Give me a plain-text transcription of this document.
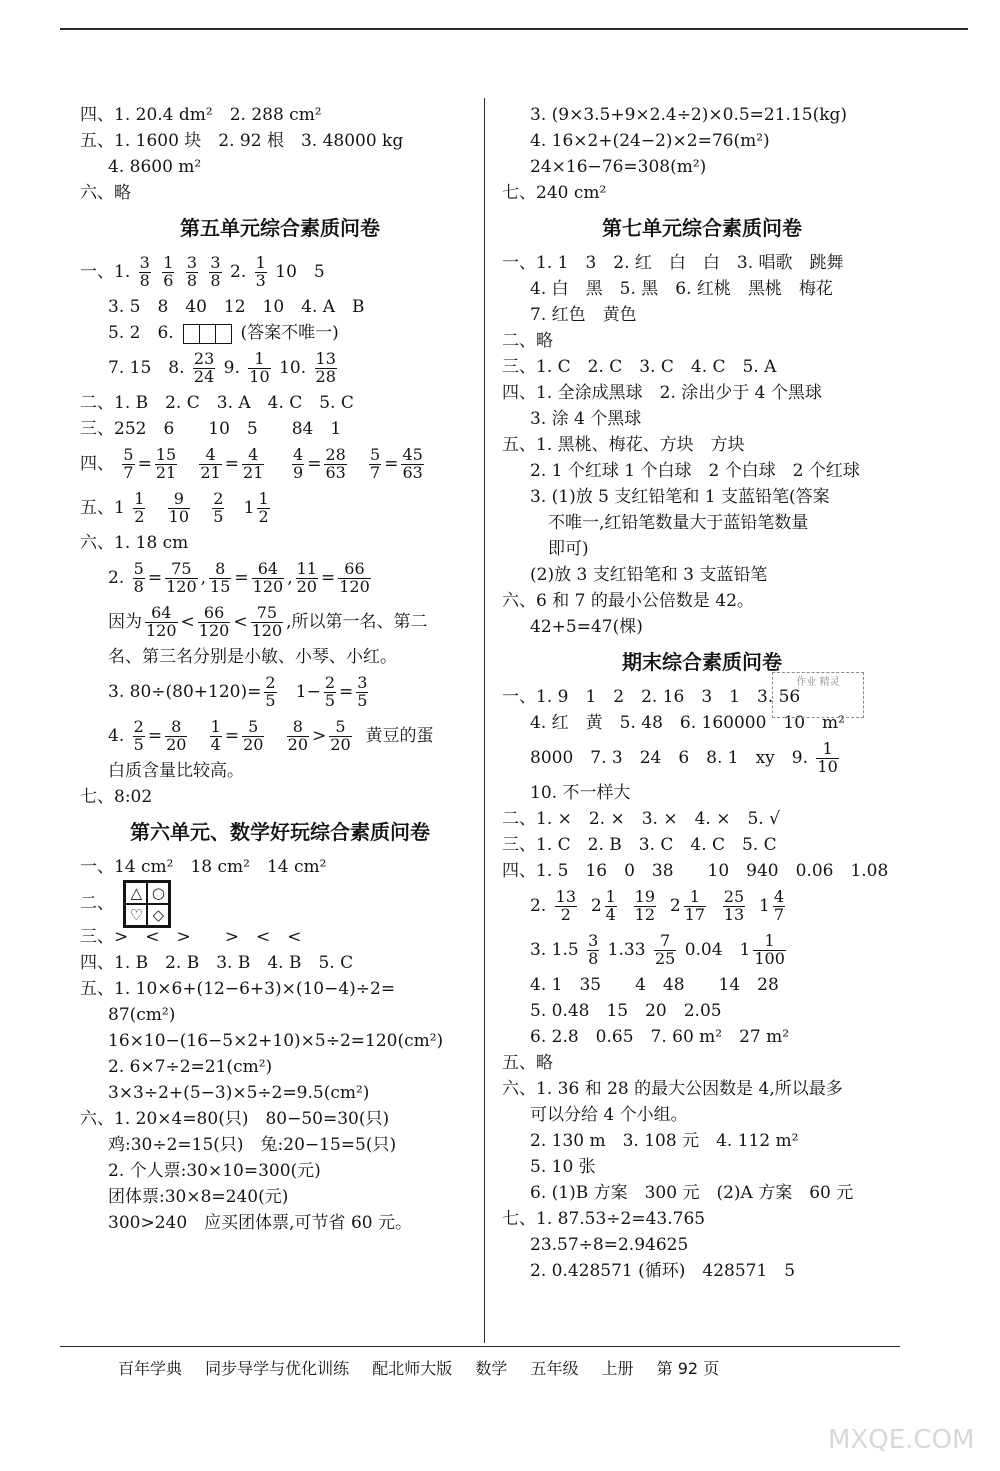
四、1. 20.4 dm²　2. 288 cm²
五、1. 1600 块　2. 92 根　3. 48000 kg
4. 8600 m²
六、略
第五单元综合素质问卷
一、1. $\frac{3}{8}$
$\frac{1}{6}$
$\frac{3}{8}$
$\frac{3}{8} 2$. $\frac{1}{3} 10$　5
3. 5　8　40　12　10　4. A　B
5. 2　6.	(答案不唯一)
7. 15　8. $\frac{23}{24} 9$. $\frac{1}{10} 10$. $\frac{13}{28}$
二、1. B　2. C　3. A　4. C　5. C
三、252　6　　10　5　　84　1
四、 $\frac{5}{7} = \frac{15}{21}$
$\frac{4}{21} = \frac{4}{21}$
$\frac{4}{9} = \frac{28}{63}$
$\frac{5}{7} = \frac{45}{63}$
五、$1 \frac{1}{2}$
$\frac{9}{10}$
$\frac{2}{5} 1 \frac{1}{2}$
六、1. 18 cm
2. $\frac{5}{8} = \frac{75}{120}$ , $\frac{8}{15} = \frac{64}{120}$ , $\frac{11}{20} = \frac{66}{120}$
因为 $\frac{64}{120} < \frac{66}{120} < \frac{75}{120}$ ,所以第一名、第二
名、第三名分别是小敏、小琴、小红。
3. $80\div(80+120)= \frac{2}{5} 1- \frac{2}{5} = \frac{3}{5}$
4. $\frac{2}{5} = \frac{8}{20}$
$\frac{1}{4} = \frac{5}{20}$
$\frac{8}{20} > \frac{5}{20}$ 黄豆的蛋
白质含量比较高。
七、8:02
第六单元、数学好玩综合素质问卷
一、14 cm²　18 cm²　14 cm²
二、
△ ○
♡ ◇
三、>　<　>　　>　<　<
四、1. B　2. B　3. B　4. B　5. C
五、1. 10×6+(12−6+3)×(10−4)÷2=
87(cm²)
16×10−(16−5×2+10)×5÷2=120(cm²)
2. 6×7÷2=21(cm²)
3×3÷2+(5−3)×5÷2=9.5(cm²)
六、1. 20×4=80(只)　80−50=30(只)
鸡:30÷2=15(只)　兔:20−15=5(只)
2. 个人票:30×10=300(元)
团体票:30×8=240(元)
300>240　应买团体票,可节省 60 元。
3. (9×3.5+9×2.4÷2)×0.5=21.15(kg)
4. 16×2+(24−2)×2=76(m²)
24×16−76=308(m²)
七、240 cm²
第七单元综合素质问卷
一、1. 1　3　2. 红　白　白　3. 唱歌　跳舞
4. 白　黑　5. 黑　6. 红桃　黑桃　梅花
7. 红色　黄色
二、略
三、1. C　2. C　3. C　4. C　5. A
四、1. 全涂成黑球　2. 涂出少于 4 个黑球
3. 涂 4 个黑球
五、1. 黑桃、梅花、方块　方块
2. 1 个红球 1 个白球　2 个白球　2 个红球
3. (1)放 5 支红铅笔和 1 支蓝铅笔(答案
不唯一,红铅笔数量大于蓝铅笔数量
即可)
(2)放 3 支红铅笔和 3 支蓝铅笔
六、6 和 7 的最小公倍数是 42。
42+5=47(棵)
期末综合素质问卷
一、1. 9　1　2　2. 16　3　1　3. 56
4. 红　黄　5. 48　6. 160000　10　m²
8000　7. 3　24　6　8. 1　xy　9. $\frac{1}{10}$
10. 不一样大
二、1. ×　2. ×　3. ×　4. ×　5. √
三、1. C　2. B　3. C　4. C　5. C
四、1. 5　16　0　38　　10　940　0.06　1.08
2. $\frac{13}{2} 2 \frac{1}{4}$
$\frac{19}{12} 2 \frac{1}{17}$
$\frac{25}{13} 1 \frac{4}{7}$
3. $1.5 \frac{3}{8} 1.33 \frac{7}{25} 0.04$　$1 \frac{1}{100}$
4. 1　35　　4　48　　14　28
5. 0.48　15　20　2.05
6. 2.8　0.65　7. 60 m²　27 m²
五、略
六、1. 36 和 28 的最大公因数是 4,所以最多
可以分给 4 个小组。
2. 130 m　3. 108 元　4. 112 m²
5. 10 张
6. (1)B 方案　300 元　(2)A 方案　60 元
七、1. 87.53÷2=43.765
23.57÷8=2.94625
2. 0.428571 (循环)　428571　5
作业 精灵
百年学典 同步导学与优化训练 配北师大版 数学 五年级 上册 第 92 页
MXQE.COM
